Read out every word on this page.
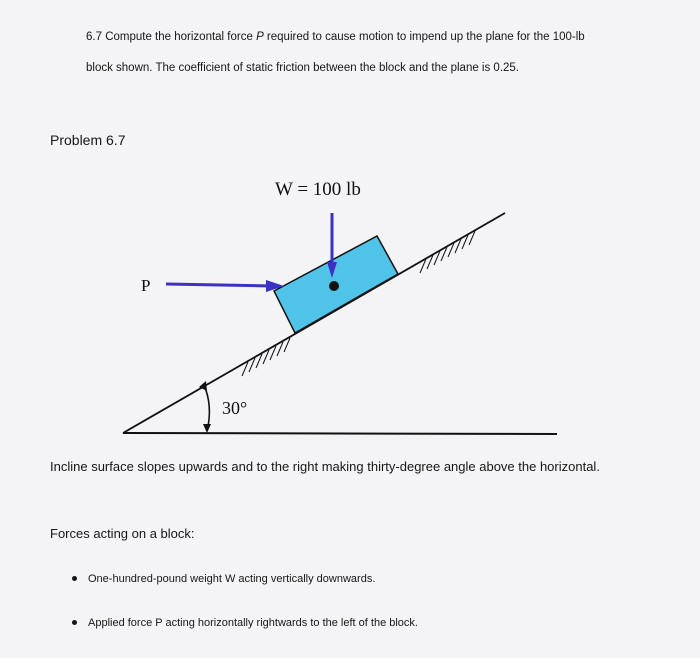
6.7 Compute the horizontal force P required to cause motion to impend up the plane for the 100-lb
block shown. The coefficient of static friction between the block and the plane is 0.25.

Problem 6.7
W = 100 lb
P
30°

Incline surface slopes upwards and to the right making thirty-degree angle above the horizontal.

Forces acting on a block:

One-hundred-pound weight W acting vertically downwards.
Applied force P acting horizontally rightwards to the left of the block.
